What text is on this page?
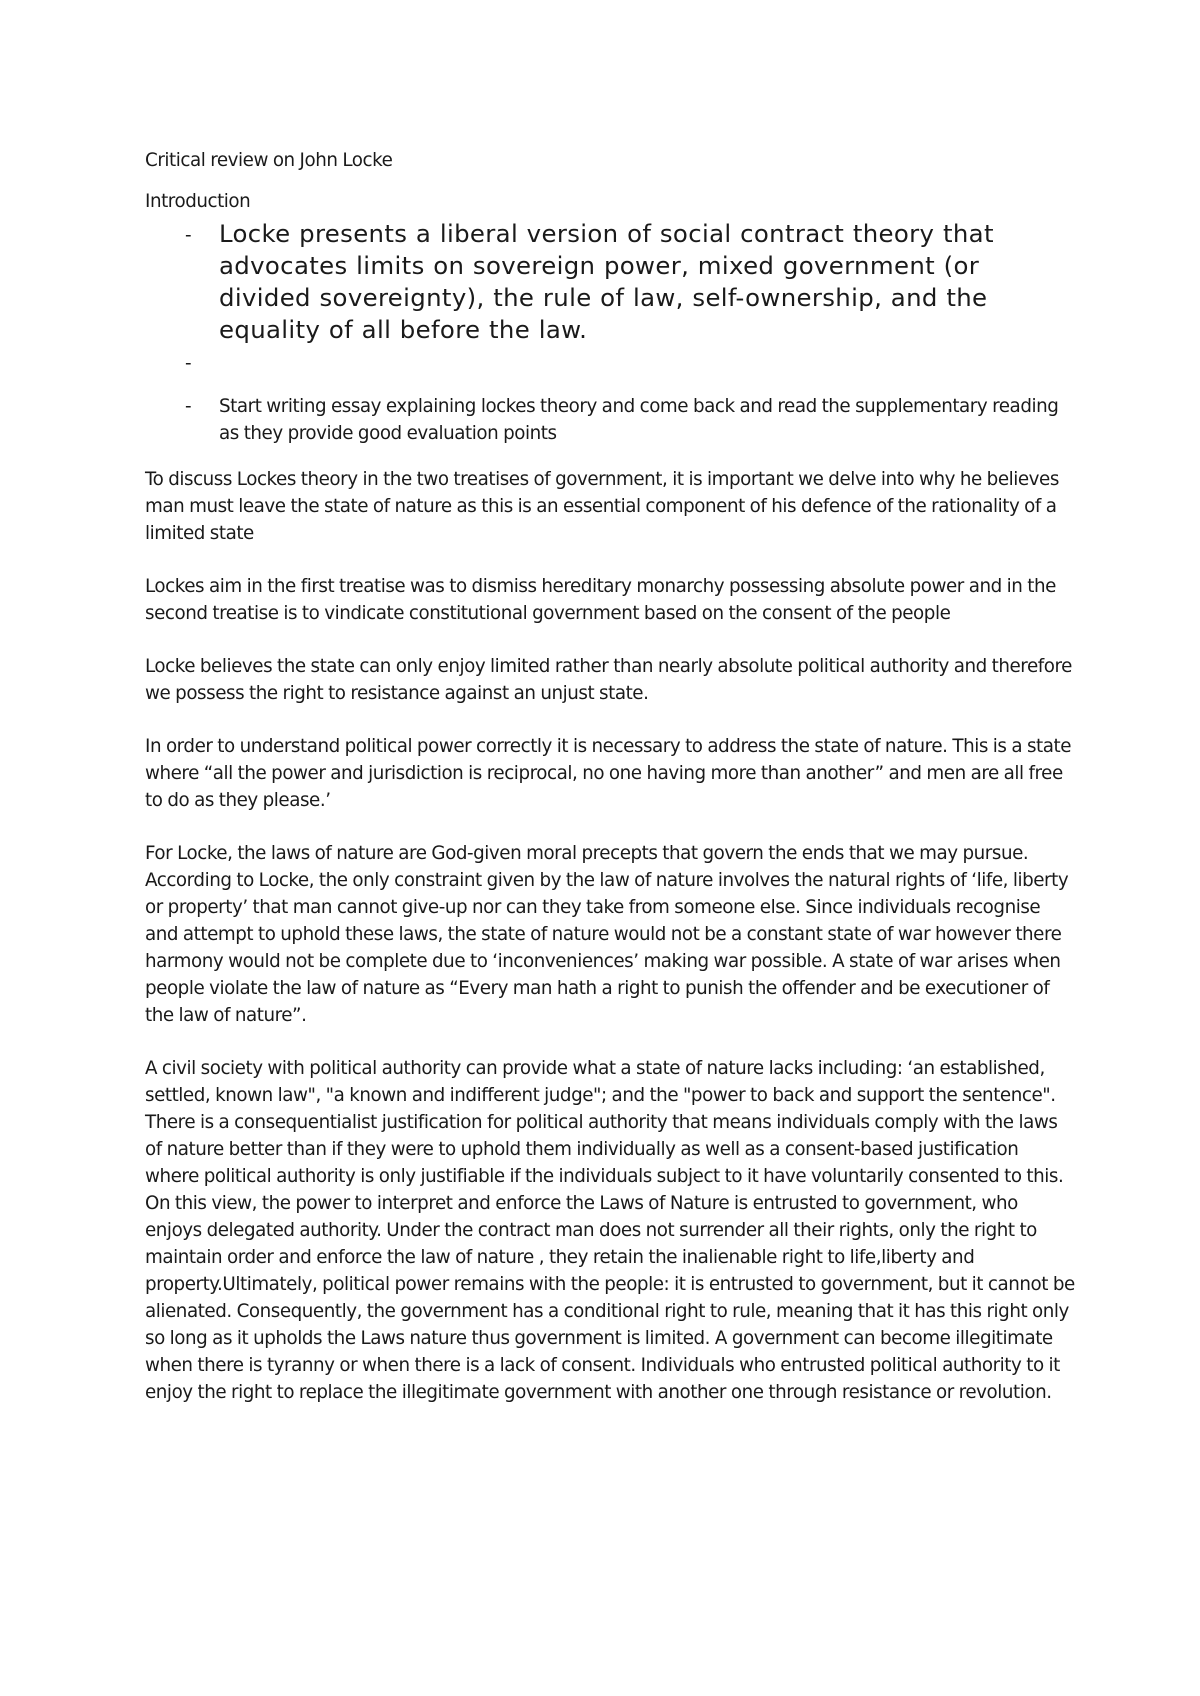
Critical review on John Locke
Introduction
- Locke presents a liberal version of social contract theory that advocates limits on sovereign power, mixed government (or divided sovereignty), the rule of law, self-ownership, and the equality of all before the law.
-
- Start writing essay explaining lockes theory and come back and read the supplementary reading as they provide good evaluation points

To discuss Lockes theory in the two treatises of government, it is important we delve into why he believes man must leave the state of nature as this is an essential component of his defence of the rationality of a limited state

Lockes aim in the first treatise was to dismiss hereditary monarchy possessing absolute power and in the second treatise is to vindicate constitutional government based on the consent of the people

Locke believes the state can only enjoy limited rather than nearly absolute political authority and therefore we possess the right to resistance against an unjust state.

In order to understand political power correctly it is necessary to address the state of nature. This is a state where “all the power and jurisdiction is reciprocal, no one having more than another” and men are all free to do as they please.’

For Locke, the laws of nature are God-given moral precepts that govern the ends that we may pursue. According to Locke, the only constraint given by the law of nature involves the natural rights of ‘life, liberty or property’ that man cannot give-up nor can they take from someone else. Since individuals recognise and attempt to uphold these laws, the state of nature would not be a constant state of war however there harmony would not be complete due to ‘inconveniences’ making war possible. A state of war arises when people violate the law of nature as “Every man hath a right to punish the offender and be executioner of the law of nature”.

A civil society with political authority can provide what a state of nature lacks including: ‘an established, settled, known law", "a known and indifferent judge"; and the "power to back and support the sentence". There is a consequentialist justification for political authority that means individuals comply with the laws of nature better than if they were to uphold them individually as well as a consent-based justification where political authority is only justifiable if the individuals subject to it have voluntarily consented to this. On this view, the power to interpret and enforce the Laws of Nature is entrusted to government, who enjoys delegated authority. Under the contract man does not surrender all their rights, only the right to maintain order and enforce the law of nature , they retain the inalienable right to life,liberty and property.Ultimately, political power remains with the people: it is entrusted to government, but it cannot be alienated. Consequently, the government has a conditional right to rule, meaning that it has this right only so long as it upholds the Laws nature thus government is limited. A government can become illegitimate when there is tyranny or when there is a lack of consent. Individuals who entrusted political authority to it enjoy the right to replace the illegitimate government with another one through resistance or revolution.
